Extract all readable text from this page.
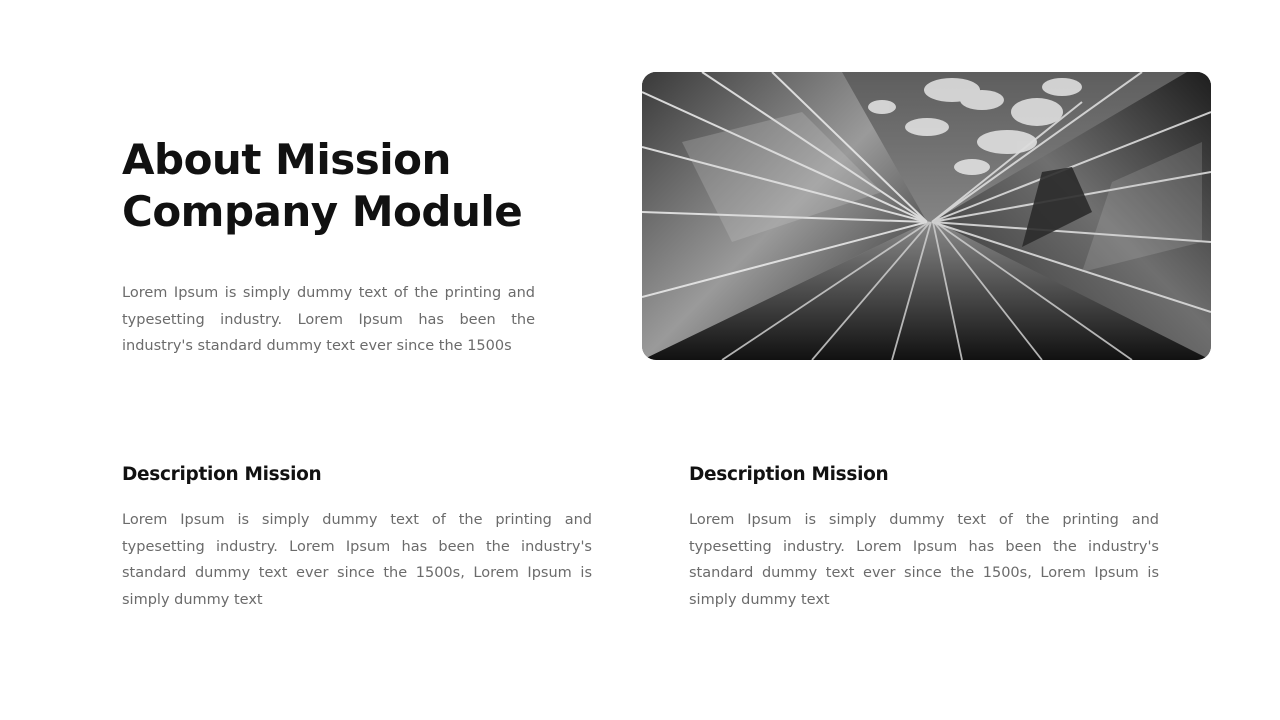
About Mission
Company Module

Lorem Ipsum is simply dummy text of the printing and typesetting industry. Lorem Ipsum has been the industry's standard dummy text ever since the 1500s

Description Mission

Lorem Ipsum is simply dummy text of the printing and typesetting industry. Lorem Ipsum has been the industry's standard dummy text ever since the 1500s, Lorem Ipsum is simply dummy text

Description Mission

Lorem Ipsum is simply dummy text of the printing and typesetting industry. Lorem Ipsum has been the industry's standard dummy text ever since the 1500s, Lorem Ipsum is simply dummy text
